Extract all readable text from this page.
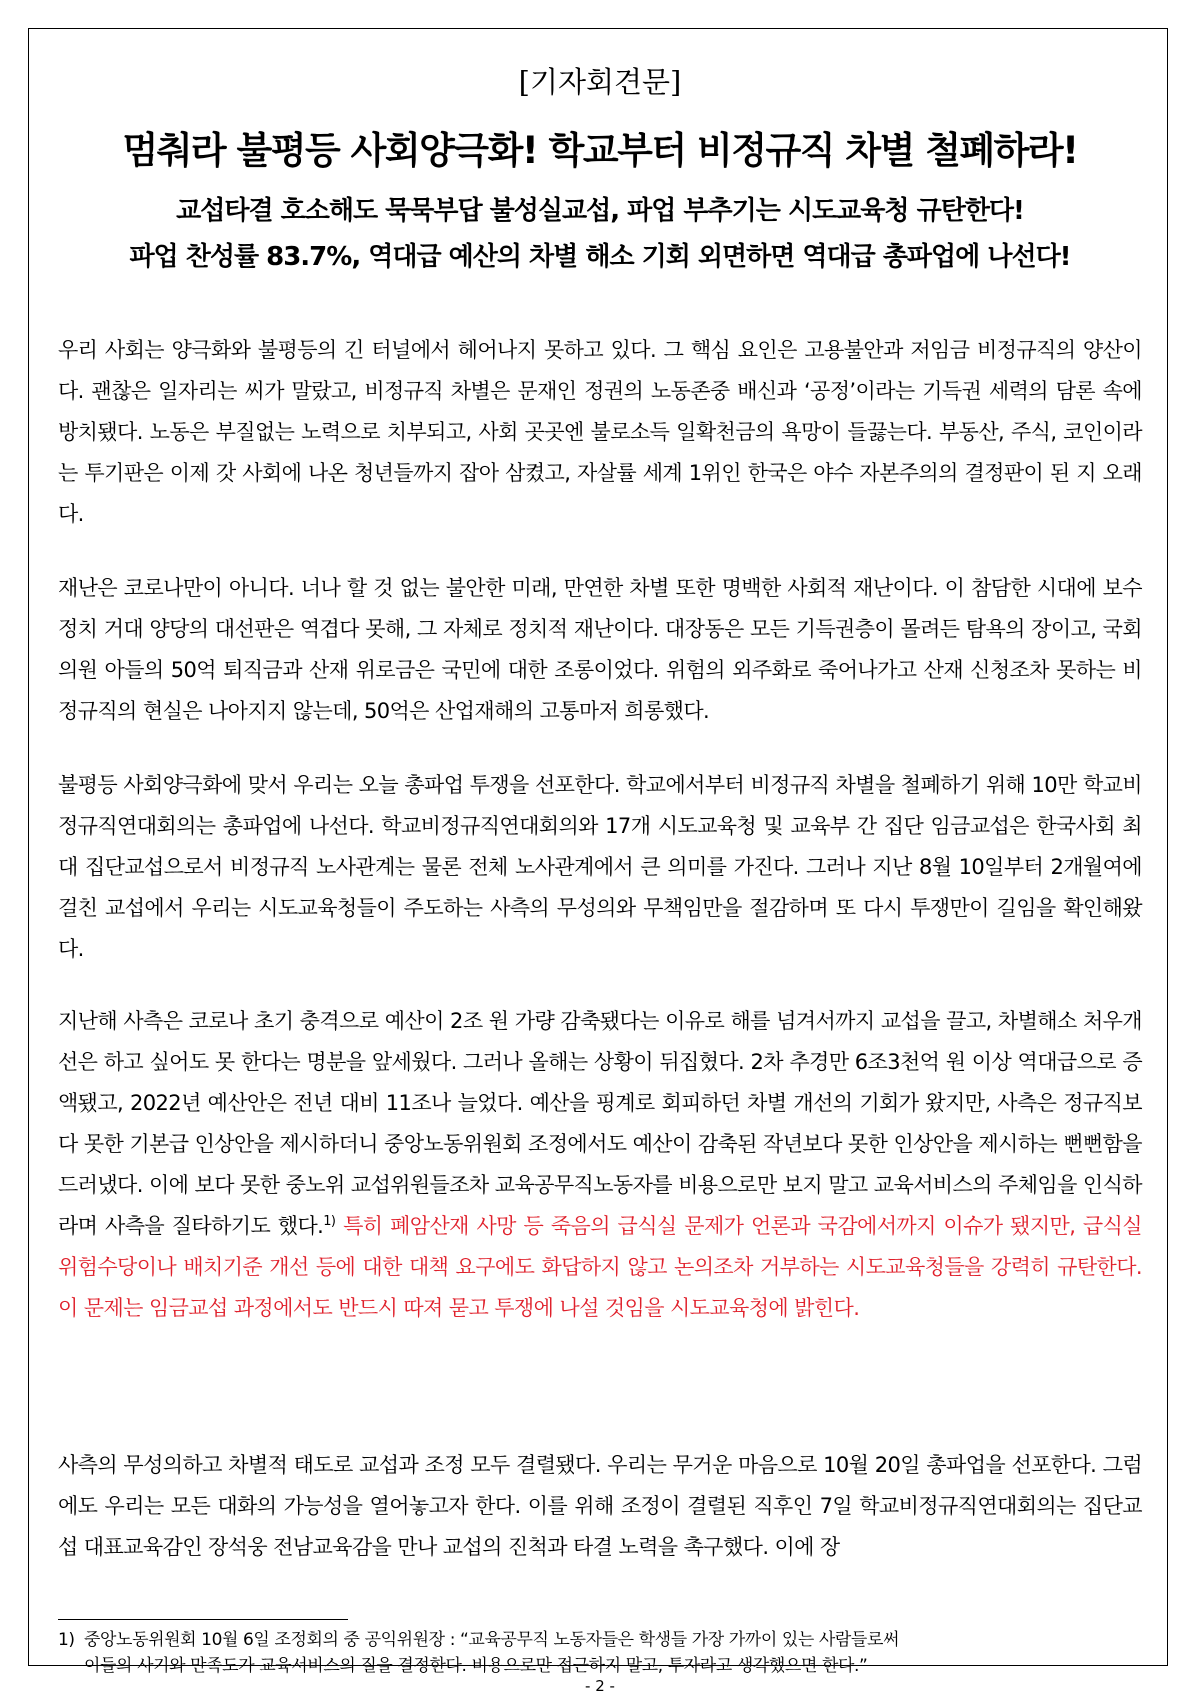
[기자회견문]
멈춰라 불평등 사회양극화! 학교부터 비정규직 차별 철폐하라!
교섭타결 호소해도 묵묵부답 불성실교섭, 파업 부추기는 시도교육청 규탄한다!
파업 찬성률 83.7%, 역대급 예산의 차별 해소 기회 외면하면 역대급 총파업에 나선다!

우리 사회는 양극화와 불평등의 긴 터널에서 헤어나지 못하고 있다. 그 핵심 요인은 고용불안과 저임금 비정규직의 양산이다. 괜찮은 일자리는 씨가 말랐고, 비정규직 차별은 문재인 정권의 노동존중 배신과 ‘공정’이라는 기득권 세력의 담론 속에 방치됐다. 노동은 부질없는 노력으로 치부되고, 사회 곳곳엔 불로소득 일확천금의 욕망이 들끓는다. 부동산, 주식, 코인이라는 투기판은 이제 갓 사회에 나온 청년들까지 잡아 삼켰고, 자살률 세계 1위인 한국은 야수 자본주의의 결정판이 된 지 오래다.

재난은 코로나만이 아니다. 너나 할 것 없는 불안한 미래, 만연한 차별 또한 명백한 사회적 재난이다. 이 참담한 시대에 보수정치 거대 양당의 대선판은 역겹다 못해, 그 자체로 정치적 재난이다. 대장동은 모든 기득권층이 몰려든 탐욕의 장이고, 국회의원 아들의 50억 퇴직금과 산재 위로금은 국민에 대한 조롱이었다. 위험의 외주화로 죽어나가고 산재 신청조차 못하는 비정규직의 현실은 나아지지 않는데, 50억은 산업재해의 고통마저 희롱했다.

불평등 사회양극화에 맞서 우리는 오늘 총파업 투쟁을 선포한다. 학교에서부터 비정규직 차별을 철폐하기 위해 10만 학교비정규직연대회의는 총파업에 나선다. 학교비정규직연대회의와 17개 시도교육청 및 교육부 간 집단 임금교섭은 한국사회 최대 집단교섭으로서 비정규직 노사관계는 물론 전체 노사관계에서 큰 의미를 가진다. 그러나 지난 8월 10일부터 2개월여에 걸친 교섭에서 우리는 시도교육청들이 주도하는 사측의 무성의와 무책임만을 절감하며 또 다시 투쟁만이 길임을 확인해왔다.

지난해 사측은 코로나 초기 충격으로 예산이 2조 원 가량 감축됐다는 이유로 해를 넘겨서까지 교섭을 끌고, 차별해소 처우개선은 하고 싶어도 못 한다는 명분을 앞세웠다. 그러나 올해는 상황이 뒤집혔다. 2차 추경만 6조3천억 원 이상 역대급으로 증액됐고, 2022년 예산안은 전년 대비 11조나 늘었다. 예산을 핑계로 회피하던 차별 개선의 기회가 왔지만, 사측은 정규직보다 못한 기본급 인상안을 제시하더니 중앙노동위원회 조정에서도 예산이 감축된 작년보다 못한 인상안을 제시하는 뻔뻔함을 드러냈다. 이에 보다 못한 중노위 교섭위원들조차 교육공무직노동자를 비용으로만 보지 말고 교육서비스의 주체임을 인식하라며 사측을 질타하기도 했다.$^{1)}$ 특히 폐암산재 사망 등 죽음의 급식실 문제가 언론과 국감에서까지 이슈가 됐지만, 급식실 위험수당이나 배치기준 개선 등에 대한 대책 요구에도 화답하지 않고 논의조차 거부하는 시도교육청들을 강력히 규탄한다. 이 문제는 임금교섭 과정에서도 반드시 따져 묻고 투쟁에 나설 것임을 시도교육청에 밝힌다.

사측의 무성의하고 차별적 태도로 교섭과 조정 모두 결렬됐다. 우리는 무거운 마음으로 10월 20일 총파업을 선포한다. 그럼에도 우리는 모든 대화의 가능성을 열어놓고자 한다. 이를 위해 조정이 결렬된 직후인 7일 학교비정규직연대회의는 집단교섭 대표교육감인 장석웅 전남교육감을 만나 교섭의 진척과 타결 노력을 촉구했다. 이에 장

1) 중앙노동위원회 10월 6일 조정회의 중 공익위원장 : “교육공무직 노동자들은 학생들 가장 가까이 있는 사람들로써
이들의 사기와 만족도가 교육서비스의 질을 결정한다. 비용으로만 접근하지 말고, 투자라고 생각했으면 한다.”

- 2 -
